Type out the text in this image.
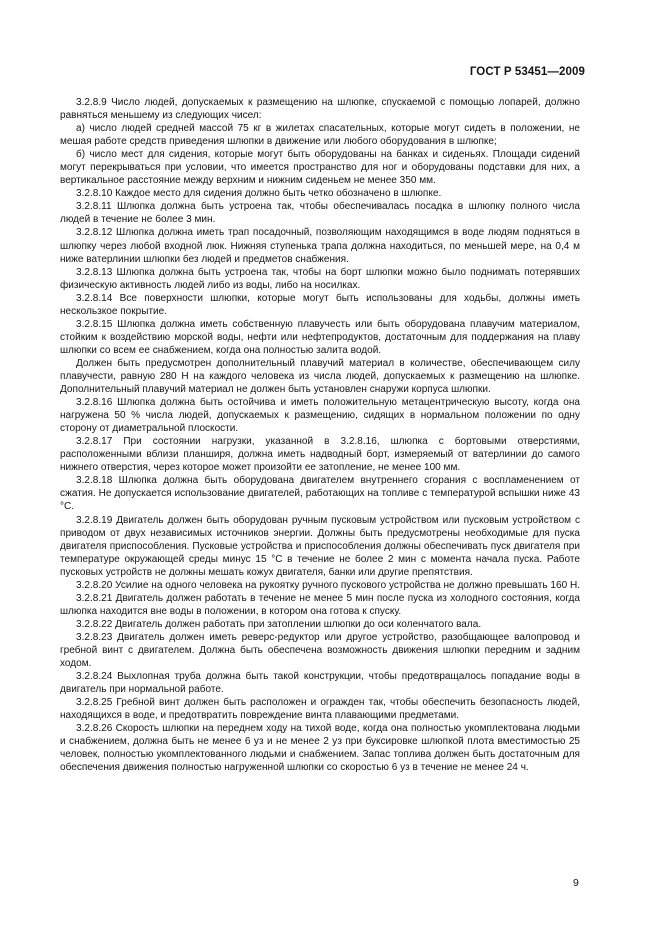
ГОСТ Р 53451—2009

3.2.8.9 Число людей, допускаемых к размещению на шлюпке, спускаемой с помощью лопарей, должно равняться меньшему из следующих чисел:

а) число людей средней массой 75 кг в жилетах спасательных, которые могут сидеть в положении, не мешая работе средств приведения шлюпки в движение или любого оборудования в шлюпке;

б) число мест для сидения, которые могут быть оборудованы на банках и сиденьях. Площади сидений могут перекрываться при условии, что имеется пространство для ног и оборудованы подставки для них, а вертикальное расстояние между верхним и нижним сиденьем не менее 350 мм.

3.2.8.10 Каждое место для сидения должно быть четко обозначено в шлюпке.

3.2.8.11 Шлюпка должна быть устроена так, чтобы обеспечивалась посадка в шлюпку полного числа людей в течение не более 3 мин.

3.2.8.12 Шлюпка должна иметь трап посадочный, позволяющим находящимся в воде людям подняться в шлюпку через любой входной люк. Нижняя ступенька трапа должна находиться, по меньшей мере, на 0,4 м ниже ватерлинии шлюпки без людей и предметов снабжения.

3.2.8.13 Шлюпка должна быть устроена так, чтобы на борт шлюпки можно было поднимать потерявших физическую активность людей либо из воды, либо на носилках.

3.2.8.14 Все поверхности шлюпки, которые могут быть использованы для ходьбы, должны иметь нескользкое покрытие.

3.2.8.15 Шлюпка должна иметь собственную плавучесть или быть оборудована плавучим материалом, стойким к воздействию морской воды, нефти или нефтепродуктов, достаточным для поддержания на плаву шлюпки со всем ее снабжением, когда она полностью залита водой.

Должен быть предусмотрен дополнительный плавучий материал в количестве, обеспечивающем силу плавучести, равную 280 Н на каждого человека из числа людей, допускаемых к размещению на шлюпке. Дополнительный плавучий материал не должен быть установлен снаружи корпуса шлюпки.

3.2.8.16 Шлюпка должна быть остойчива и иметь положительную метацентрическую высоту, когда она нагружена 50 % числа людей, допускаемых к размещению, сидящих в нормальном положении по одну сторону от диаметральной плоскости.

3.2.8.17 При состоянии нагрузки, указанной в 3.2.8.16, шлюпка с бортовыми отверстиями, расположенными вблизи планширя, должна иметь надводный борт, измеряемый от ватерлинии до самого нижнего отверстия, через которое может произойти ее затопление, не менее 100 мм.

3.2.8.18 Шлюпка должна быть оборудована двигателем внутреннего сгорания с воспламенением от сжатия. Не допускается использование двигателей, работающих на топливе с температурой вспышки ниже 43 °С.

3.2.8.19 Двигатель должен быть оборудован ручным пусковым устройством или пусковым устройством с приводом от двух независимых источников энергии. Должны быть предусмотрены необходимые для пуска двигателя приспособления. Пусковые устройства и приспособления должны обеспечивать пуск двигателя при температуре окружающей среды минус 15 °С в течение не более 2 мин с момента начала пуска. Работе пусковых устройств не должны мешать кожух двигателя, банки или другие препятствия.

3.2.8.20 Усилие на одного человека на рукоятку ручного пускового устройства не должно превышать 160 Н.

3.2.8.21 Двигатель должен работать в течение не менее 5 мин после пуска из холодного состояния, когда шлюпка находится вне воды в положении, в котором она готова к спуску.

3.2.8.22 Двигатель должен работать при затоплении шлюпки до оси коленчатого вала.

3.2.8.23 Двигатель должен иметь реверс-редуктор или другое устройство, разобщающее валопровод и гребной винт с двигателем. Должна быть обеспечена возможность движения шлюпки передним и задним ходом.

3.2.8.24 Выхлопная труба должна быть такой конструкции, чтобы предотвращалось попадание воды в двигатель при нормальной работе.

3.2.8.25 Гребной винт должен быть расположен и огражден так, чтобы обеспечить безопасность людей, находящихся в воде, и предотвратить повреждение винта плавающими предметами.

3.2.8.26 Скорость шлюпки на переднем ходу на тихой воде, когда она полностью укомплектована людьми и снабжением, должна быть не менее 6 уз и не менее 2 уз при буксировке шлюпкой плота вместимостью 25 человек, полностью укомплектованного людьми и снабжением. Запас топлива должен быть достаточным для обеспечения движения полностью нагруженной шлюпки со скоростью 6 уз в течение не менее 24 ч.

9
